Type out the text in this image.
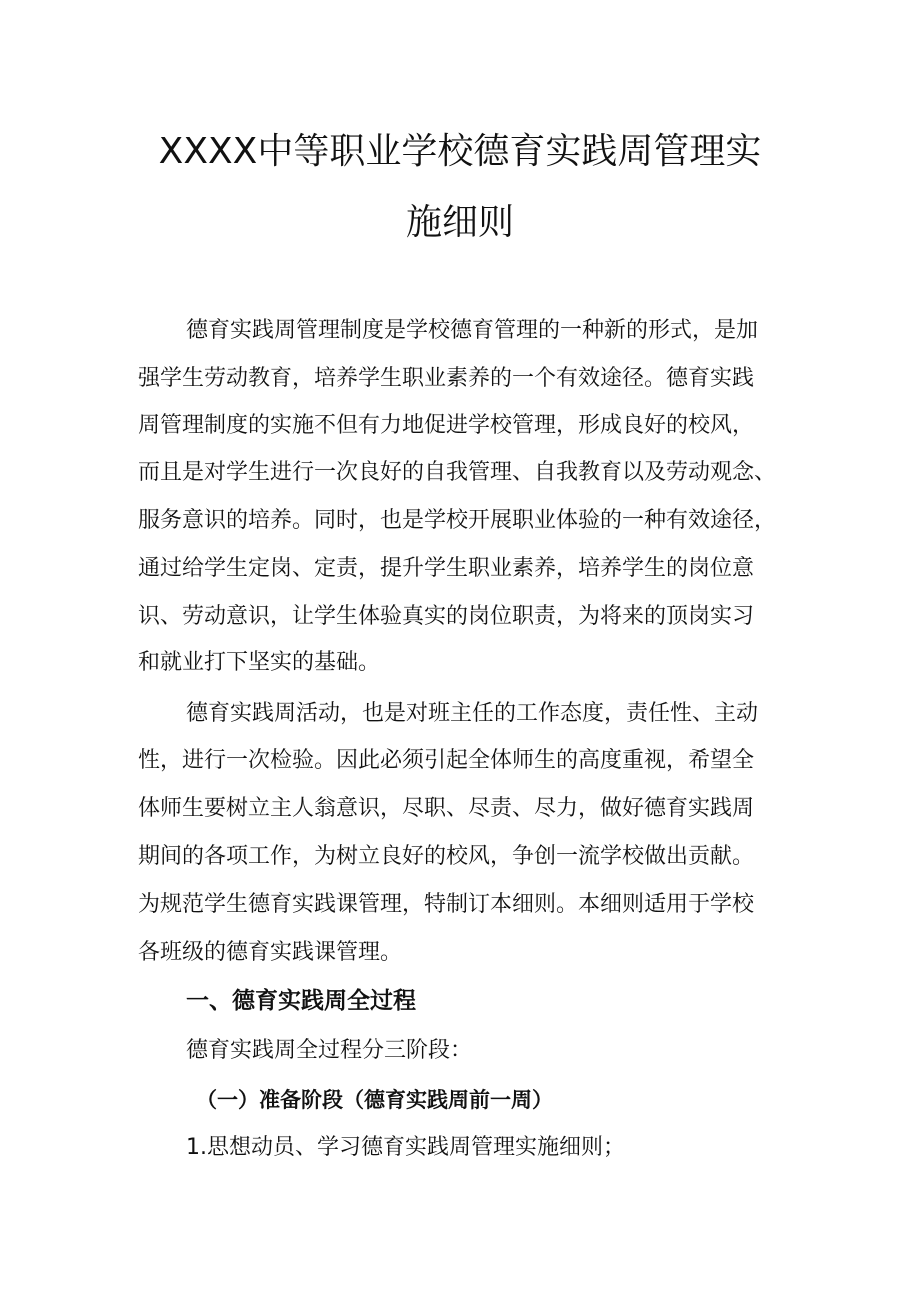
XXXX中等职业学校德育实践周管理实
施细则

德育实践周管理制度是学校德育管理的一种新的形式，是加

强学生劳动教育，培养学生职业素养的一个有效途径。德育实践

周管理制度的实施不但有力地促进学校管理，形成良好的校风，

而且是对学生进行一次良好的自我管理、自我教育以及劳动观念、

服务意识的培养。同时，也是学校开展职业体验的一种有效途径，

通过给学生定岗、定责，提升学生职业素养，培养学生的岗位意

识、劳动意识，让学生体验真实的岗位职责，为将来的顶岗实习

和就业打下坚实的基础。

德育实践周活动，也是对班主任的工作态度，责任性、主动

性，进行一次检验。因此必须引起全体师生的高度重视，希望全

体师生要树立主人翁意识，尽职、尽责、尽力，做好德育实践周

期间的各项工作，为树立良好的校风，争创一流学校做出贡献。

为规范学生德育实践课管理，特制订本细则。本细则适用于学校

各班级的德育实践课管理。

一、德育实践周全过程

德育实践周全过程分三阶段：

（一）准备阶段（德育实践周前一周）

1.思想动员、学习德育实践周管理实施细则；
